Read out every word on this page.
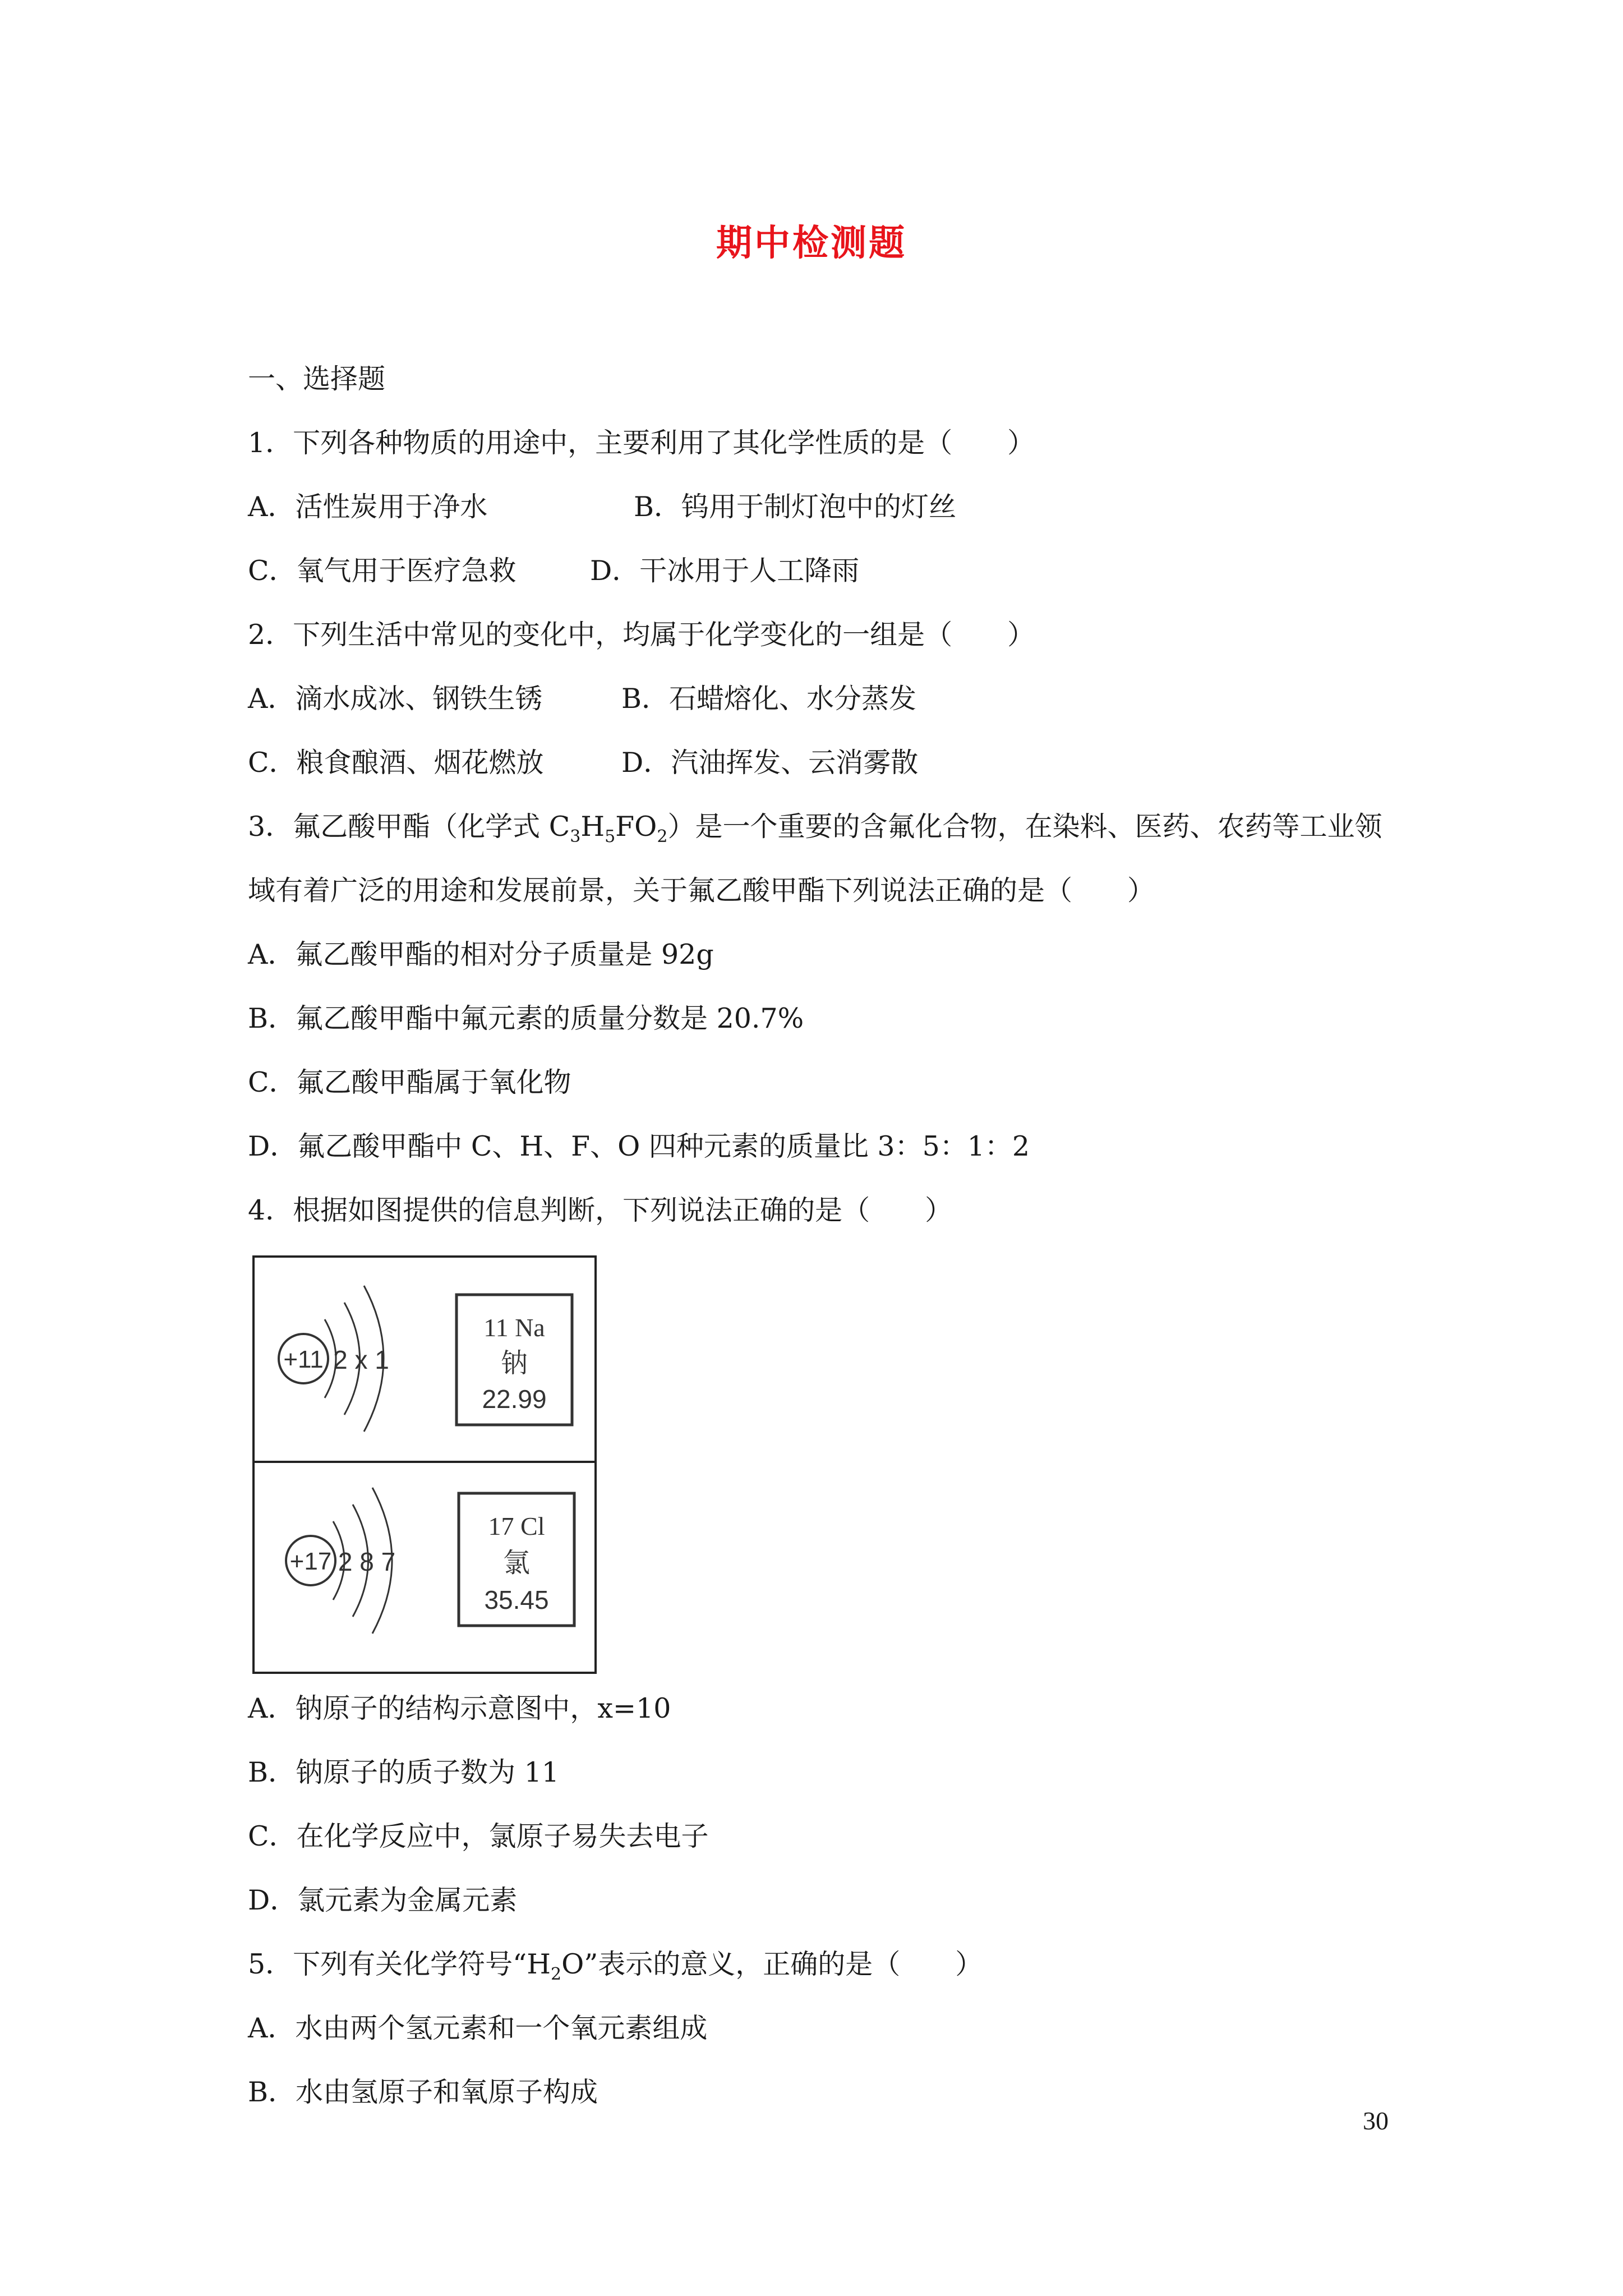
期中检测题
一、选择题
1．下列各种物质的用途中，主要利用了其化学性质的是（　　）
A．活性炭用于净水	B．钨用于制灯泡中的灯丝
C．氧气用于医疗急救	D．干冰用于人工降雨
2．下列生活中常见的变化中，均属于化学变化的一组是（　　）
A．滴水成冰、钢铁生锈	B．石蜡熔化、水分蒸发
C．粮食酿酒、烟花燃放	D．汽油挥发、云消雾散
3．氟乙酸甲酯（化学式 $C_3H_5FO_2$）是一个重要的含氟化合物，在染料、医药、农药等工业领
域有着广泛的用途和发展前景，关于氟乙酸甲酯下列说法正确的是（　　）
A．氟乙酸甲酯的相对分子质量是 92g
B．氟乙酸甲酯中氟元素的质量分数是 20.7%
C．氟乙酸甲酯属于氧化物
D．氟乙酸甲酯中 C、H、F、O 四种元素的质量比 3：5：1：2
4．根据如图提供的信息判断，下列说法正确的是（　　）
+11 2 x 1
11 Na
钠
22.99
+17 2 8 7
17 Cl
氯
35.45
A．钠原子的结构示意图中，x=10
B．钠原子的质子数为 11
C．在化学反应中，氯原子易失去电子
D．氯元素为金属元素
5．下列有关化学符号“$H_2O$”表示的意义，正确的是（　　）
A．水由两个氢元素和一个氧元素组成
B．水由氢原子和氧原子构成
30
